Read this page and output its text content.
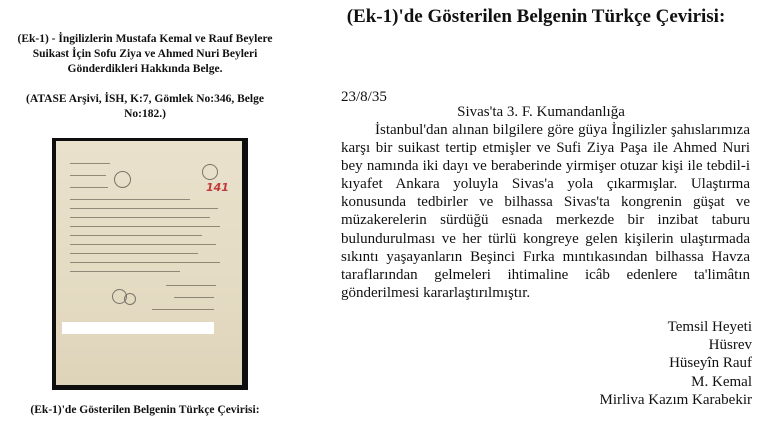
(Ek-1) - İngilizlerin Mustafa Kemal ve Rauf Beylere Suikast İçin Sofu Ziya ve Ahmed Nuri Beyleri Gönderdikleri Hakkında Belge.
(ATASE Arşivi, İSH, K:7, Gömlek No:346, Belge No:182.)
141
(Ek-1)'de Gösterilen Belgenin Türkçe Çevirisi:
(Ek-1)'de Gösterilen Belgenin Türkçe Çevirisi:
23/8/35
Sivas'ta 3. F. Kumandanlığa

İstanbul'dan alınan bilgilere göre güya İngilizler şahıslarımıza karşı bir suikast tertip etmişler ve Sufi Ziya Paşa ile Ahmed Nuri bey namında iki dayı ve beraberinde yirmişer otuzar kişi ile tebdil-i kıyafet Ankara yoluyla Sivas'a yola çıkarmışlar. Ulaştırma konusunda tedbirler ve bilhassa Sivas'ta kongrenin güşat ve müzakerelerin sürdüğü esnada merkezde bir inzibat taburu bulundurulması ve her türlü kongreye gelen kişilerin ulaştırmada sıkıntı yaşayanların Beşinci Fırka mıntıkasından bilhassa Havza taraflarından gelmeleri ihtimaline icâb edenlere ta'limâtın gönderilmesi kararlaştırılmıştır.

Temsil Heyeti
Hüsrev
Hüseyîn Rauf
M. Kemal
Mirliva Kazım Karabekir
